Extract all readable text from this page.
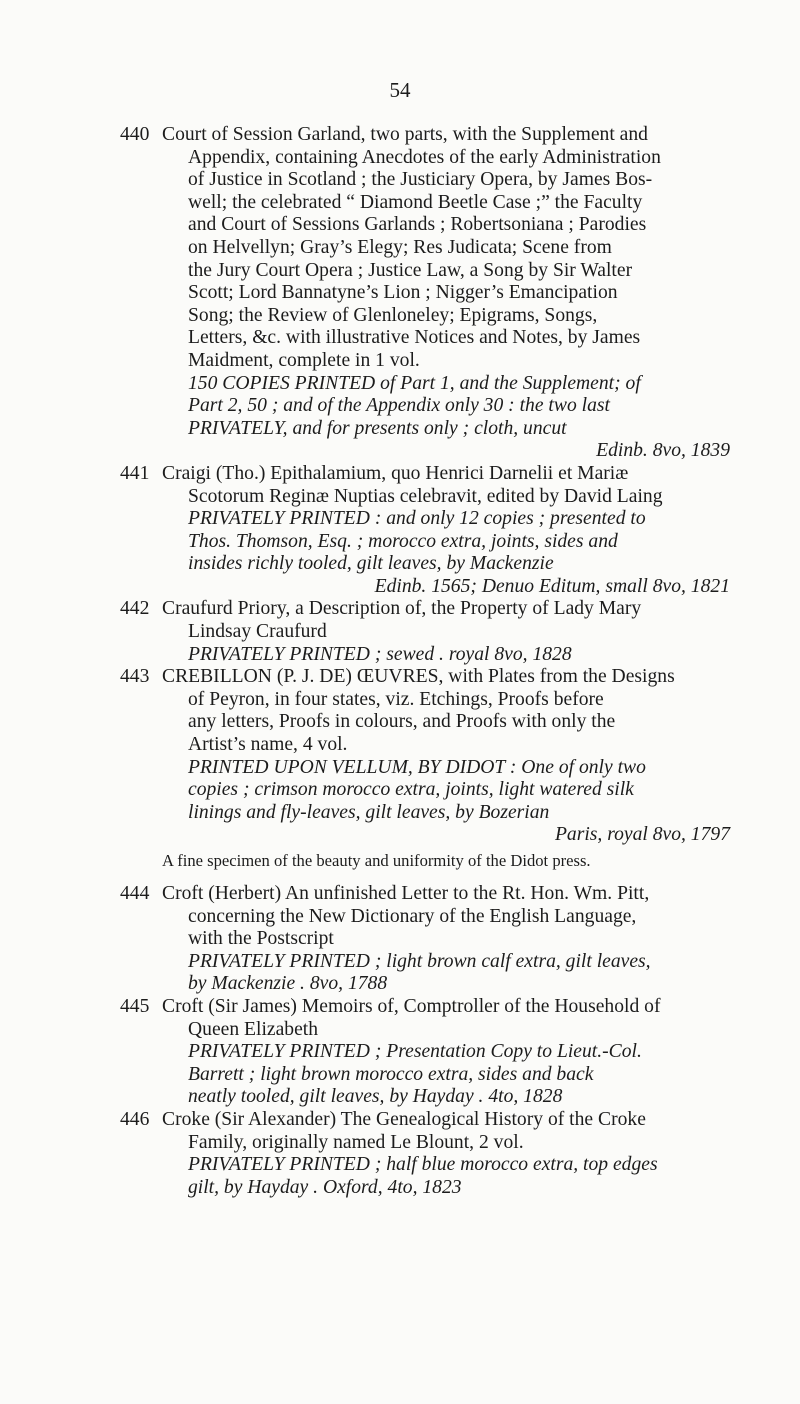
54
440 Court of Session Garland, two parts, with the Supplement and
Appendix, containing Anecdotes of the early Administration
of Justice in Scotland ; the Justiciary Opera, by James Bos-
well; the celebrated “ Diamond Beetle Case ;” the Faculty
and Court of Sessions Garlands ; Robertsoniana ; Parodies
on Helvellyn; Gray’s Elegy; Res Judicata; Scene from
the Jury Court Opera ; Justice Law, a Song by Sir Walter
Scott; Lord Bannatyne’s Lion ; Nigger’s Emancipation
Song; the Review of Glenloneley; Epigrams, Songs,
Letters, &c. with illustrative Notices and Notes, by James
Maidment, complete in 1 vol.
150 COPIES PRINTED of Part 1, and the Supplement; of
Part 2, 50 ; and of the Appendix only 30 : the two last
PRIVATELY, and for presents only ; cloth, uncut
Edinb. 8vo, 1839
441 Craigi (Tho.) Epithalamium, quo Henrici Darnelii et Mariæ
Scotorum Reginæ Nuptias celebravit, edited by David Laing
PRIVATELY PRINTED : and only 12 copies ; presented to
Thos. Thomson, Esq. ; morocco extra, joints, sides and
insides richly tooled, gilt leaves, by Mackenzie
Edinb. 1565; Denuo Editum, small 8vo, 1821
442 Craufurd Priory, a Description of, the Property of Lady Mary
Lindsay Craufurd
PRIVATELY PRINTED ; sewed . royal 8vo, 1828
443 CREBILLON (P. J. DE) ŒUVRES, with Plates from the Designs
of Peyron, in four states, viz. Etchings, Proofs before
any letters, Proofs in colours, and Proofs with only the
Artist’s name, 4 vol.
PRINTED UPON VELLUM, BY DIDOT : One of only two
copies ; crimson morocco extra, joints, light watered silk
linings and fly-leaves, gilt leaves, by Bozerian
Paris, royal 8vo, 1797
A fine specimen of the beauty and uniformity of the Didot press.
444 Croft (Herbert) An unfinished Letter to the Rt. Hon. Wm. Pitt,
concerning the New Dictionary of the English Language,
with the Postscript
PRIVATELY PRINTED ; light brown calf extra, gilt leaves,
by Mackenzie . 8vo, 1788
445 Croft (Sir James) Memoirs of, Comptroller of the Household of
Queen Elizabeth
PRIVATELY PRINTED ; Presentation Copy to Lieut.-Col.
Barrett ; light brown morocco extra, sides and back
neatly tooled, gilt leaves, by Hayday . 4to, 1828
446 Croke (Sir Alexander) The Genealogical History of the Croke
Family, originally named Le Blount, 2 vol.
PRIVATELY PRINTED ; half blue morocco extra, top edges
gilt, by Hayday . Oxford, 4to, 1823
